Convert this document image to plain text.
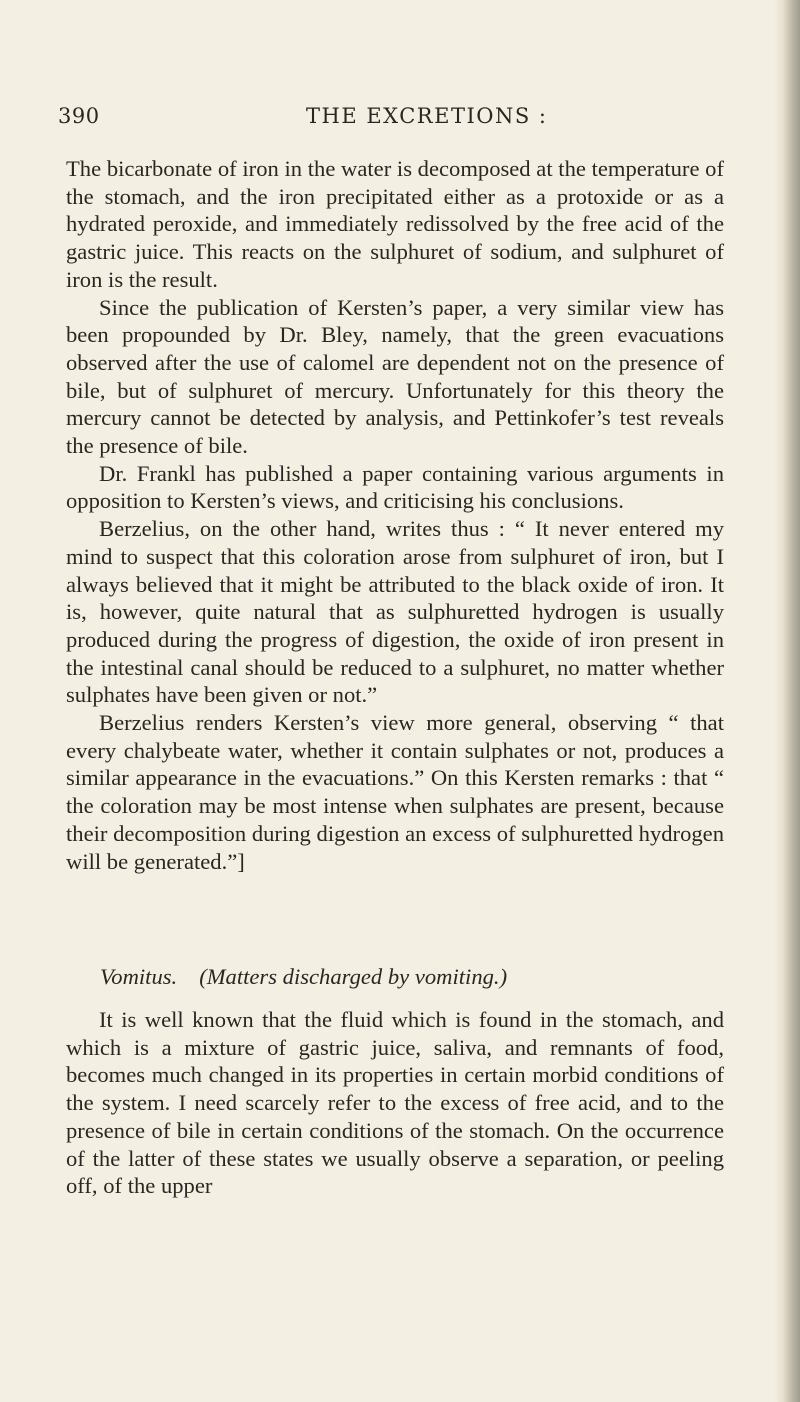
390	THE EXCRETIONS :

The bicarbonate of iron in the water is decomposed at the temperature of the stomach, and the iron precipitated either as a protoxide or as a hydrated peroxide, and immediately redissolved by the free acid of the gastric juice. This reacts on the sulphuret of sodium, and sulphuret of iron is the result.

Since the publication of Kersten’s paper, a very similar view has been propounded by Dr. Bley, namely, that the green evacuations observed after the use of calomel are dependent not on the presence of bile, but of sulphuret of mercury. Unfortunately for this theory the mercury cannot be detected by analysis, and Pettinkofer’s test reveals the presence of bile.

Dr. Frankl has published a paper containing various arguments in opposition to Kersten’s views, and criticising his conclusions.

Berzelius, on the other hand, writes thus : “ It never entered my mind to suspect that this coloration arose from sulphuret of iron, but I always believed that it might be attributed to the black oxide of iron. It is, however, quite natural that as sulphuretted hydrogen is usually produced during the progress of digestion, the oxide of iron present in the intestinal canal should be reduced to a sulphuret, no matter whether sulphates have been given or not.”

Berzelius renders Kersten’s view more general, observing “ that every chalybeate water, whether it contain sulphates or not, produces a similar appearance in the evacuations.” On this Kersten remarks : that “ the coloration may be most intense when sulphates are present, because their decomposition during digestion an excess of sulphuretted hydrogen will be generated.”]

Vomitus. (Matters discharged by vomiting.)

It is well known that the fluid which is found in the stomach, and which is a mixture of gastric juice, saliva, and remnants of food, becomes much changed in its properties in certain morbid conditions of the system. I need scarcely refer to the excess of free acid, and to the presence of bile in certain conditions of the stomach. On the occurrence of the latter of these states we usually observe a separation, or peeling off, of the upper
